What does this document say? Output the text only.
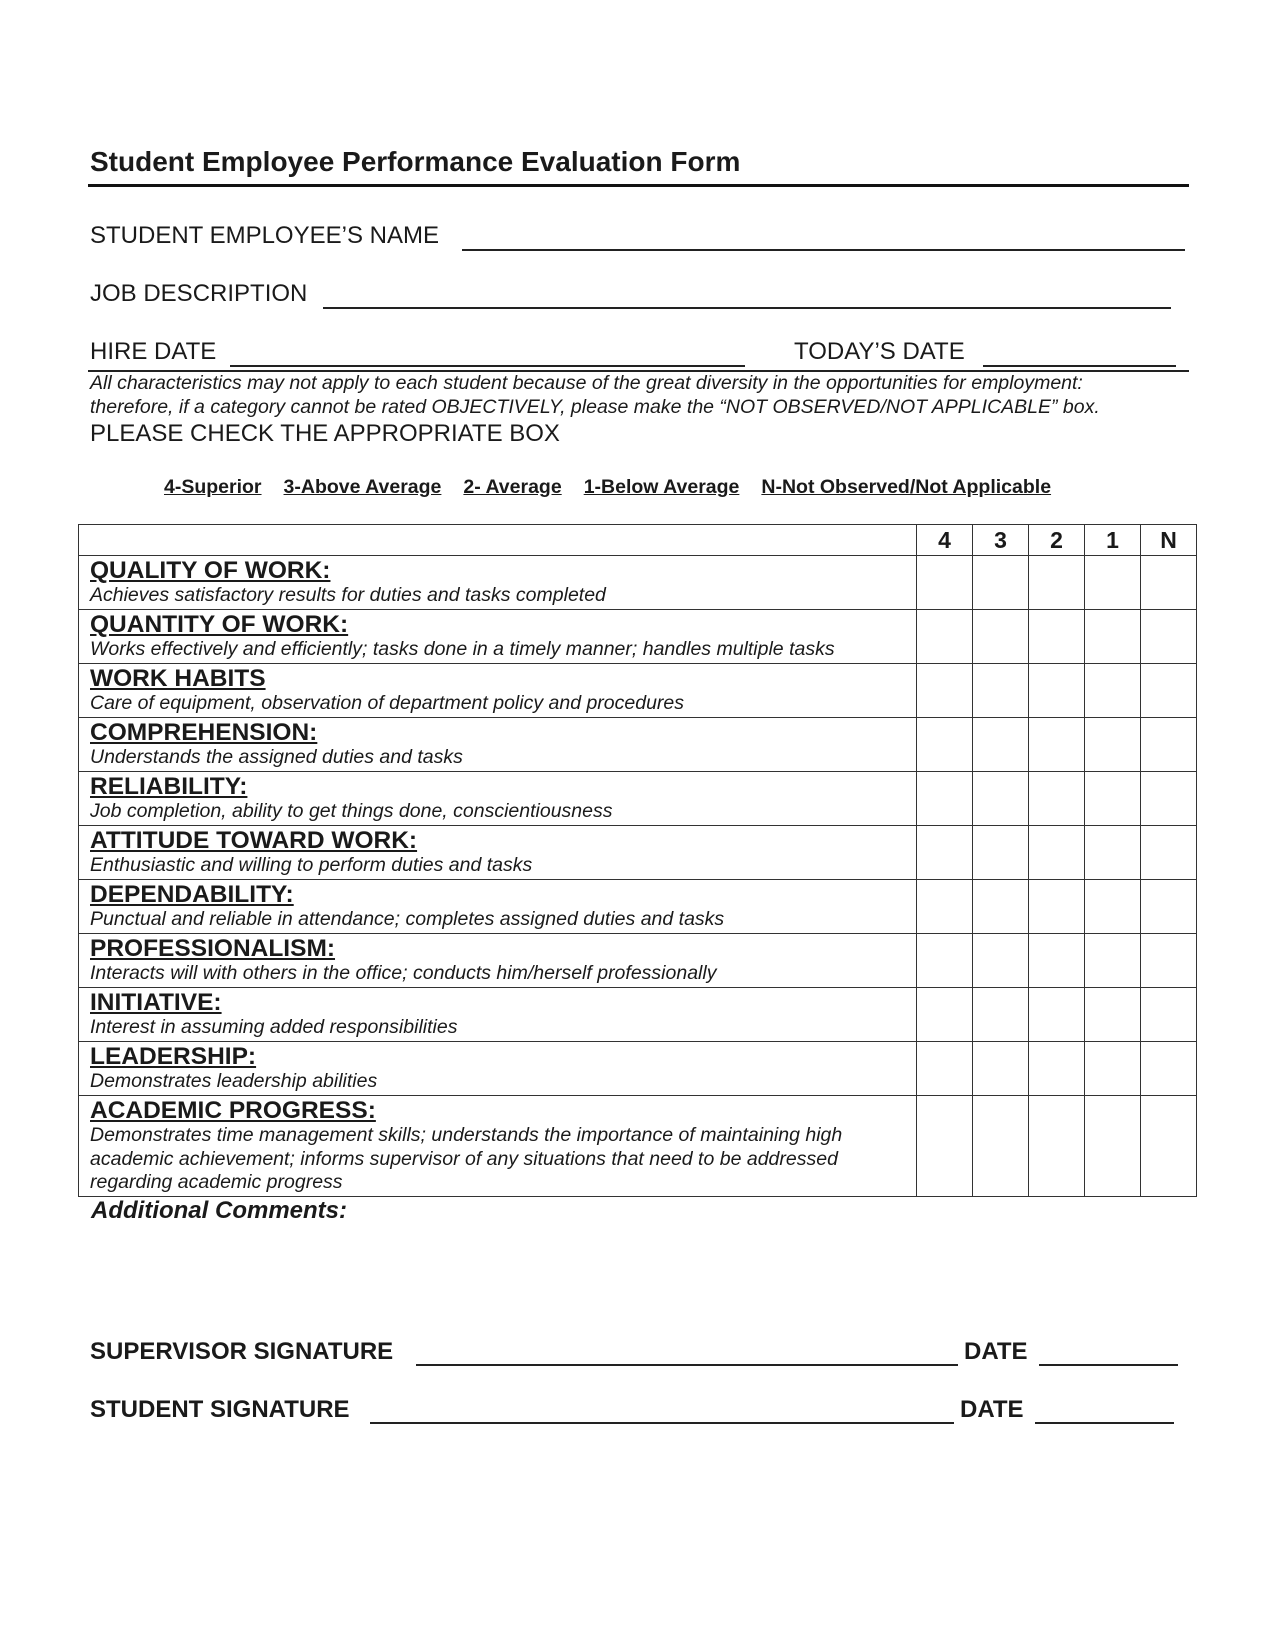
Student Employee Performance Evaluation Form
STUDENT EMPLOYEE’S NAME
JOB DESCRIPTION
HIRE DATE	TODAY’S DATE
All characteristics may not apply to each student because of the great diversity in the opportunities for employment:
therefore, if a category cannot be rated OBJECTIVELY, please make the “NOT OBSERVED/NOT APPLICABLE” box.
PLEASE CHECK THE APPROPRIATE BOX
4-Superior 3-Above Average 2- Average 1-Below Average N-Not Observed/Not Applicable
	4	3	2	1	N

QUALITY OF WORK:
Achieves satisfactory results for duties and tasks completed					

QUANTITY OF WORK:
Works effectively and efficiently; tasks done in a timely manner; handles multiple tasks					

WORK HABITS
Care of equipment, observation of department policy and procedures					

COMPREHENSION:
Understands the assigned duties and tasks					

RELIABILITY:
Job completion, ability to get things done, conscientiousness					

ATTITUDE TOWARD WORK:
Enthusiastic and willing to perform duties and tasks					

DEPENDABILITY:
Punctual and reliable in attendance; completes assigned duties and tasks					

PROFESSIONALISM:
Interacts will with others in the office; conducts him/herself professionally					

INITIATIVE:
Interest in assuming added responsibilities					

LEADERSHIP:
Demonstrates leadership abilities					

ACADEMIC PROGRESS:
Demonstrates time management skills; understands the importance of maintaining high
academic achievement; informs supervisor of any situations that need to be addressed
regarding academic progress					

Additional Comments:
SUPERVISOR SIGNATURE	DATE
STUDENT SIGNATURE	DATE
